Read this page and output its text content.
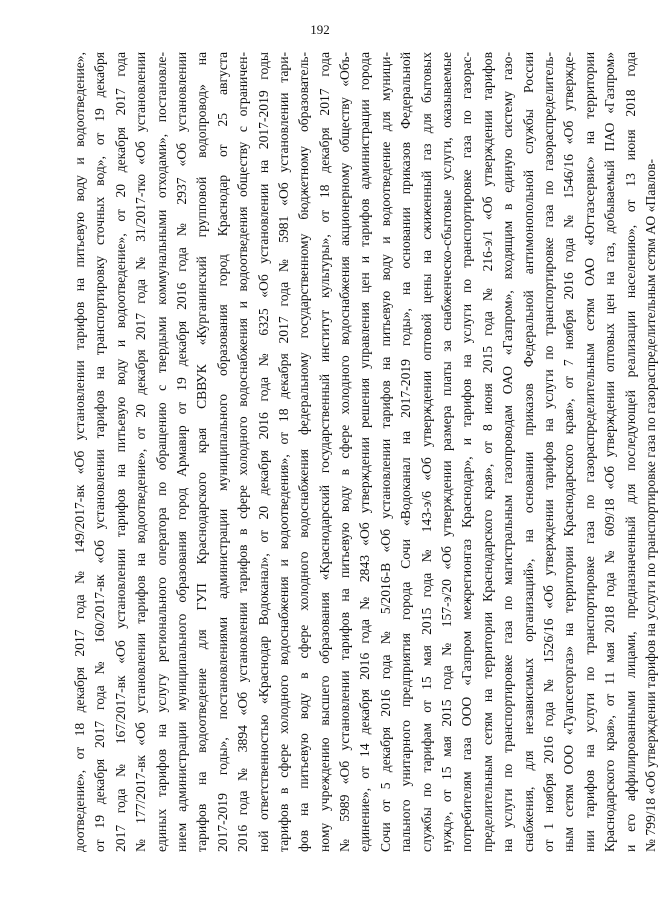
192
доотведение», от 18 декабря 2017 года № 149/2017-вк «Об установлении тарифов на питьевую воду и водоотведение», от 19 декабря 2017 года № 160/2017-вк «Об установлении тарифов на транспортировку сточных вод», от 19 декабря 2017 года № 167/2017-вк «Об установлении тарифов на питьевую воду и водоотведение», от 20 декабря 2017 года № 177/2017-вк «Об установлении тарифов на водоотведение», от 20 декабря 2017 года № 31/2017-тко «Об установлении единых тарифов на услугу регионального оператора по обращению с твердыми коммунальными отходами», постановле- нием администрации муниципального образования город Армавир от 19 декабря 2016 года № 2937 «Об установлении тарифов на водоотведение для ГУП Краснодарского края СВВУК «Курганинский групповой водопровод» на 2017-2019 годы», постановлениями администрации муниципального образования город Краснодар от 25 августа 2016 года № 3894 «Об установлении тарифов в сфере холодного водоснабжения и водоотведения обществу с ограничен- ной ответственностью «Краснодар Водоканал», от 20 декабря 2016 года № 6325 «Об установлении на 2017-2019 годы тарифов в сфере холодного водоснабжения и водоотведения», от 18 декабря 2017 года № 5981 «Об установлении тари- фов на питьевую воду в сфере холодного водоснабжения федеральному государственному бюджетному образователь- ному учреждению высшего образования «Краснодарский государственный институт культуры», от 18 декабря 2017 года № 5989 «Об установлении тарифов на питьевую воду в сфере холодного водоснабжения акционерному обществу «Объ- единение», от 14 декабря 2016 года № 2843 «Об утверждении решения управления цен и тарифов администрации города Сочи от 5 декабря 2016 года № 5/2016-В «Об установлении тарифов на питьевую воду и водоотведение для муници- пального унитарного предприятия города Сочи «Водоканал на 2017-2019 годы», на основании приказов Федеральной службы по тарифам от 15 мая 2015 года № 143-э/6 «Об утверждении оптовой цены на сжиженный газ для бытовых нужд», от 15 мая 2015 года № 157-э/20 «Об утверждении размера платы за снабженческо-сбытовые услуги, оказываемые потребителям газа ООО «Газпром межрегионгаз Краснодар», и тарифов на услуги по транспортировке газа по газорас- пределительным сетям на территории Краснодарского края», от 8 июня 2015 года № 216-э/1 «Об утверждении тарифов на услуги по транспортировке газа по магистральным газопроводам ОАО «Газпром», входящим в единую систему газо- снабжения, для независимых организаций», на основании приказов Федеральной антимонопольной службы России от 1 ноября 2016 года № 1526/16 «Об утверждении тарифов на услуги по транспортировке газа по газораспределитель- ным сетям ООО «Туапсегоргаз» на территории Краснодарского края», от 7 ноября 2016 года № 1546/16 «Об утвержде- нии тарифов на услуги по транспортировке газа по газораспределительным сетям ОАО «Югтазсервис» на территории Краснодарского края», от 11 мая 2018 года № 609/18 «Об утверждении оптовых цен на газ, добываемый ПАО «Газпром» и его аффилированными лицами, предназначенный для последующей реализации населению», от 13 июня 2018 года № 799/18 «Об утверждении тарифов на услуги по транспортировке газа по газораспределительным сетям АО «Павлов-
